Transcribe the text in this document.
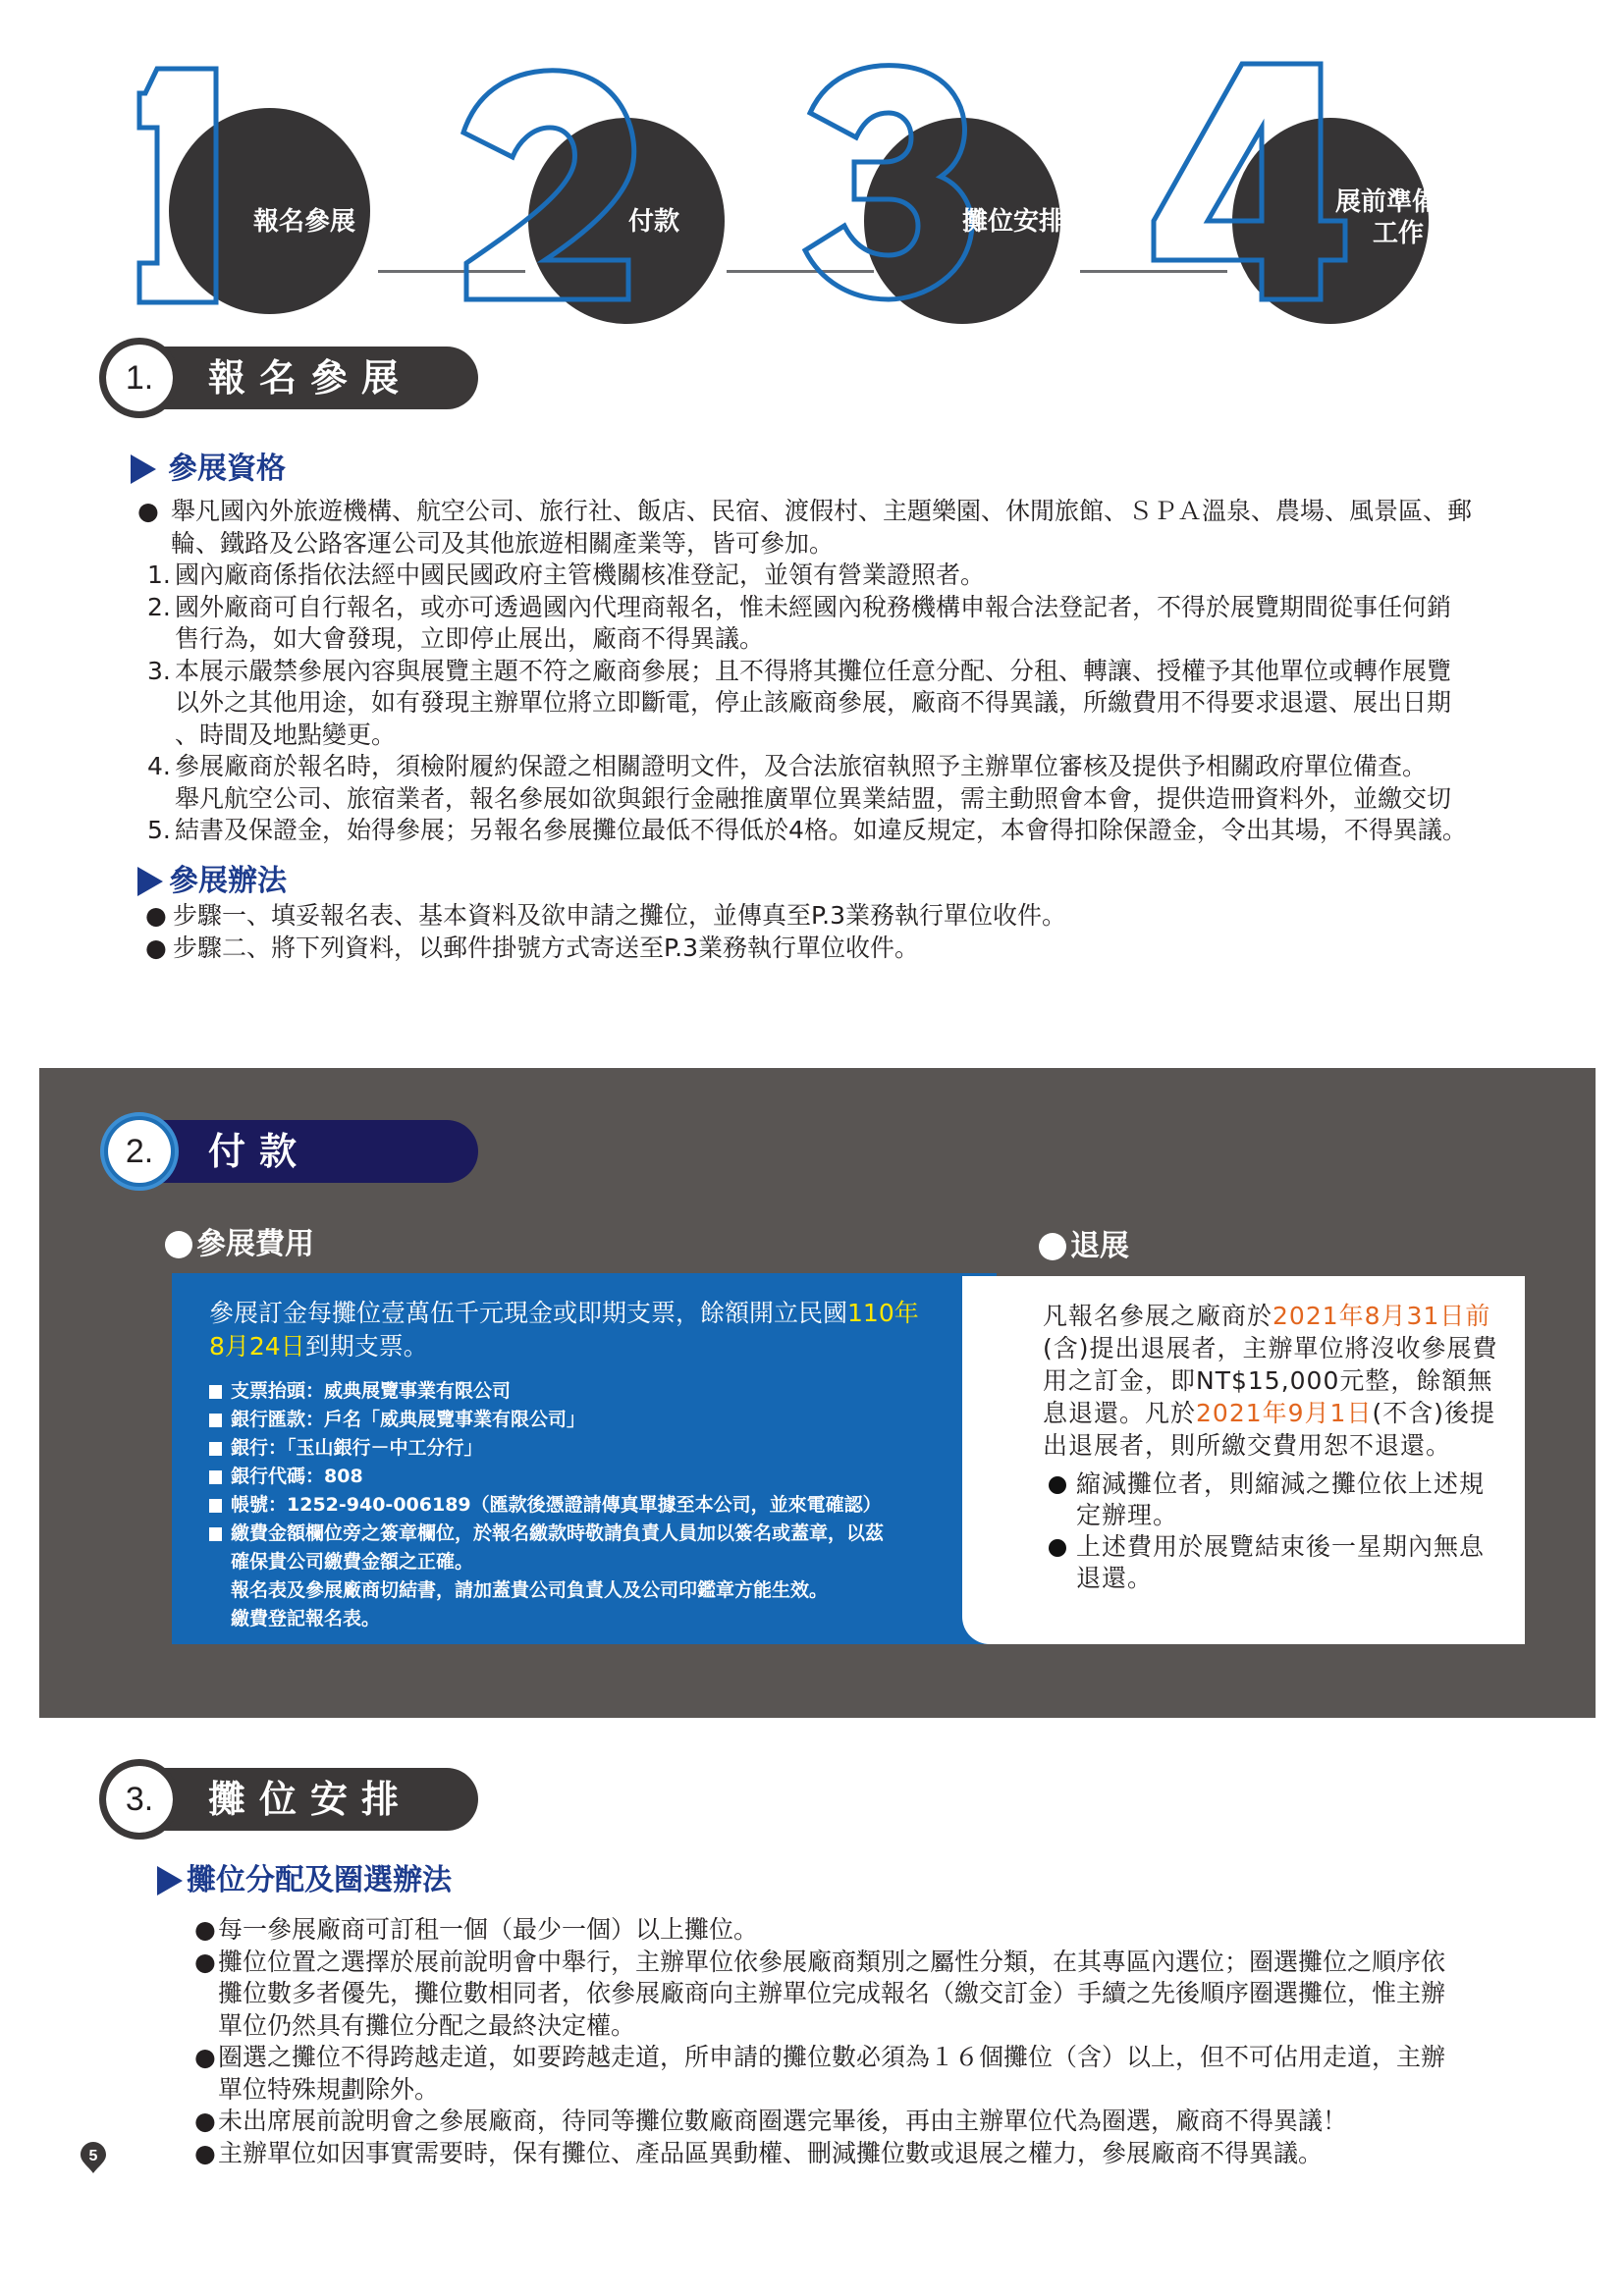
報名參展	付款	攤位安排
展前準備
工作
1.	報名參展
參展資格
● 舉凡國內外旅遊機構、航空公司、旅行社、飯店、民宿、渡假村、主題樂園、休閒旅館、ＳＰＡ溫泉、農場、風景區、郵
輪、鐵路及公路客運公司及其他旅遊相關產業等，皆可參加。
1. 國內廠商係指依法經中國民國政府主管機關核准登記，並領有營業證照者。
2. 國外廠商可自行報名，或亦可透過國內代理商報名，惟未經國內稅務機構申報合法登記者，不得於展覽期間從事任何銷
售行為，如大會發現，立即停止展出，廠商不得異議。
3. 本展示嚴禁參展內容與展覽主題不符之廠商參展；且不得將其攤位任意分配、分租、轉讓、授權予其他單位或轉作展覽
以外之其他用途，如有發現主辦單位將立即斷電，停止該廠商參展，廠商不得異議，所繳費用不得要求退還、展出日期
、時間及地點變更。
4. 參展廠商於報名時，須檢附履約保證之相關證明文件，及合法旅宿執照予主辦單位審核及提供予相關政府單位備查。
舉凡航空公司、旅宿業者，報名參展如欲與銀行金融推廣單位異業結盟，需主動照會本會，提供造冊資料外，並繳交切
5. 結書及保證金，始得參展；另報名參展攤位最低不得低於4格。如違反規定，本會得扣除保證金，令出其場，不得異議。
參展辦法
● 步驟一、填妥報名表、基本資料及欲申請之攤位，並傳真至P.3業務執行單位收件。
● 步驟二、將下列資料，以郵件掛號方式寄送至P.3業務執行單位收件。
2.	付款
參展費用	退展
參展訂金每攤位壹萬伍千元現金或即期支票，餘額開立民國110年
8月24日到期支票。
支票抬頭：威典展覽事業有限公司
銀行匯款：戶名「威典展覽事業有限公司」
銀行：「玉山銀行－中工分行」
銀行代碼：808
帳號：1252-940-006189（匯款後憑證請傳真單據至本公司，並來電確認）
繳費金額欄位旁之簽章欄位，於報名繳款時敬請負責人員加以簽名或蓋章，以茲
確保貴公司繳費金額之正確。
報名表及參展廠商切結書，請加蓋貴公司負責人及公司印鑑章方能生效。
繳費登記報名表。
凡報名參展之廠商於2021年8月31日前(含)提出退展者，主辦單位將沒收參展費用之訂金，即NT$15,000元整，餘額無息退還。凡於2021年9月1日(不含)後提出退展者，則所繳交費用恕不退還。
縮減攤位者，則縮減之攤位依上述規
定辦理。
上述費用於展覽結束後一星期內無息
退還。
3.	攤位安排
攤位分配及圈選辦法
● 每一參展廠商可訂租一個（最少一個）以上攤位。
● 攤位位置之選擇於展前說明會中舉行，主辦單位依參展廠商類別之屬性分類，在其專區內選位；圈選攤位之順序依
攤位數多者優先，攤位數相同者，依參展廠商向主辦單位完成報名（繳交訂金）手續之先後順序圈選攤位，惟主辦
單位仍然具有攤位分配之最終決定權。
● 圈選之攤位不得跨越走道，如要跨越走道，所申請的攤位數必須為１６個攤位（含）以上，但不可佔用走道，主辦
單位特殊規劃除外。
● 未出席展前說明會之參展廠商，待同等攤位數廠商圈選完畢後，再由主辦單位代為圈選，廠商不得異議！
● 主辦單位如因事實需要時，保有攤位、產品區異動權、刪減攤位數或退展之權力，參展廠商不得異議。
5
